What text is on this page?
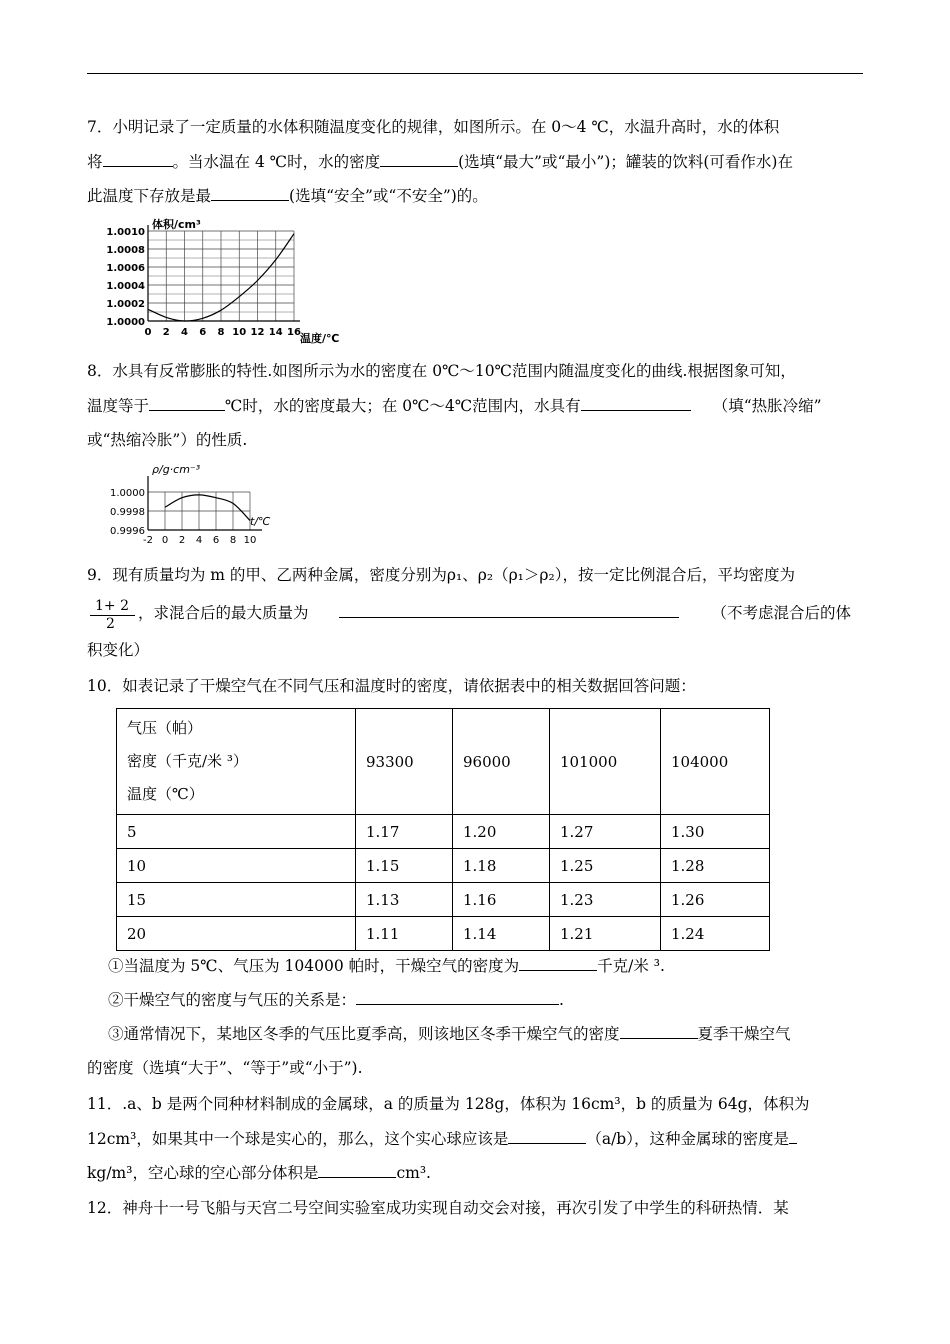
7．小明记录了一定质量的水体积随温度变化的规律，如图所示。在 0～4 ℃，水温升高时，水的体积
将	。当水温在 4 ℃时，水的密度	(选填“最大”或“最小”)；罐装的饮料(可看作水)在
此温度下存放是最	(选填“安全”或“不安全”)的。
0 2 4 6 8 10 12 14 16
1.0010
1.0008
1.0006
1.0004
1.0002
1.0000
体积/cm³
温度/℃
8．水具有反常膨胀的特性.如图所示为水的密度在 0℃～10℃范围内随温度变化的曲线.根据图象可知，
温度等于	℃时，水的密度最大；在 0℃～4℃范围内，水具有	（填“热胀冷缩”
或“热缩冷胀”）的性质.
-2 0 2 4 6 8 10
1.0000
0.9998
0.9996
ρ/g·cm⁻³
t/℃
9．现有质量均为 m 的甲、乙两种金属，密度分别为ρ₁、ρ₂（ρ₁＞ρ₂），按一定比例混合后，平均密度为
1+ 2
2
，求混合后的最大质量为	（不考虑混合后的体
积变化）
10．如表记录了干燥空气在不同气压和温度时的密度，请依据表中的相关数据回答问题：
气压（帕）
密度（千克/米 ³）
温度（℃）	93300	96000	101000	104000
5	1.17	1.20	1.27	1.30
10	1.15	1.18	1.25	1.28
15	1.13	1.16	1.23	1.26
20	1.11	1.14	1.21	1.24
①当温度为 5℃、气压为 104000 帕时，干燥空气的密度为	千克/米 ³.
②干燥空气的密度与气压的关系是：	.
③通常情况下，某地区冬季的气压比夏季高，则该地区冬季干燥空气的密度	夏季干燥空气
的密度（选填“大于”、“等于”或“小于”).
11．.a、b 是两个同种材料制成的金属球，a 的质量为 128g，体积为 16cm³，b 的质量为 64g，体积为
12cm³，如果其中一个球是实心的，那么，这个实心球应该是	（a/b），这种金属球的密度是
kg/m³，空心球的空心部分体积是	cm³.
12．神舟十一号飞船与天宫二号空间实验室成功实现自动交会对接，再次引发了中学生的科研热情．某
